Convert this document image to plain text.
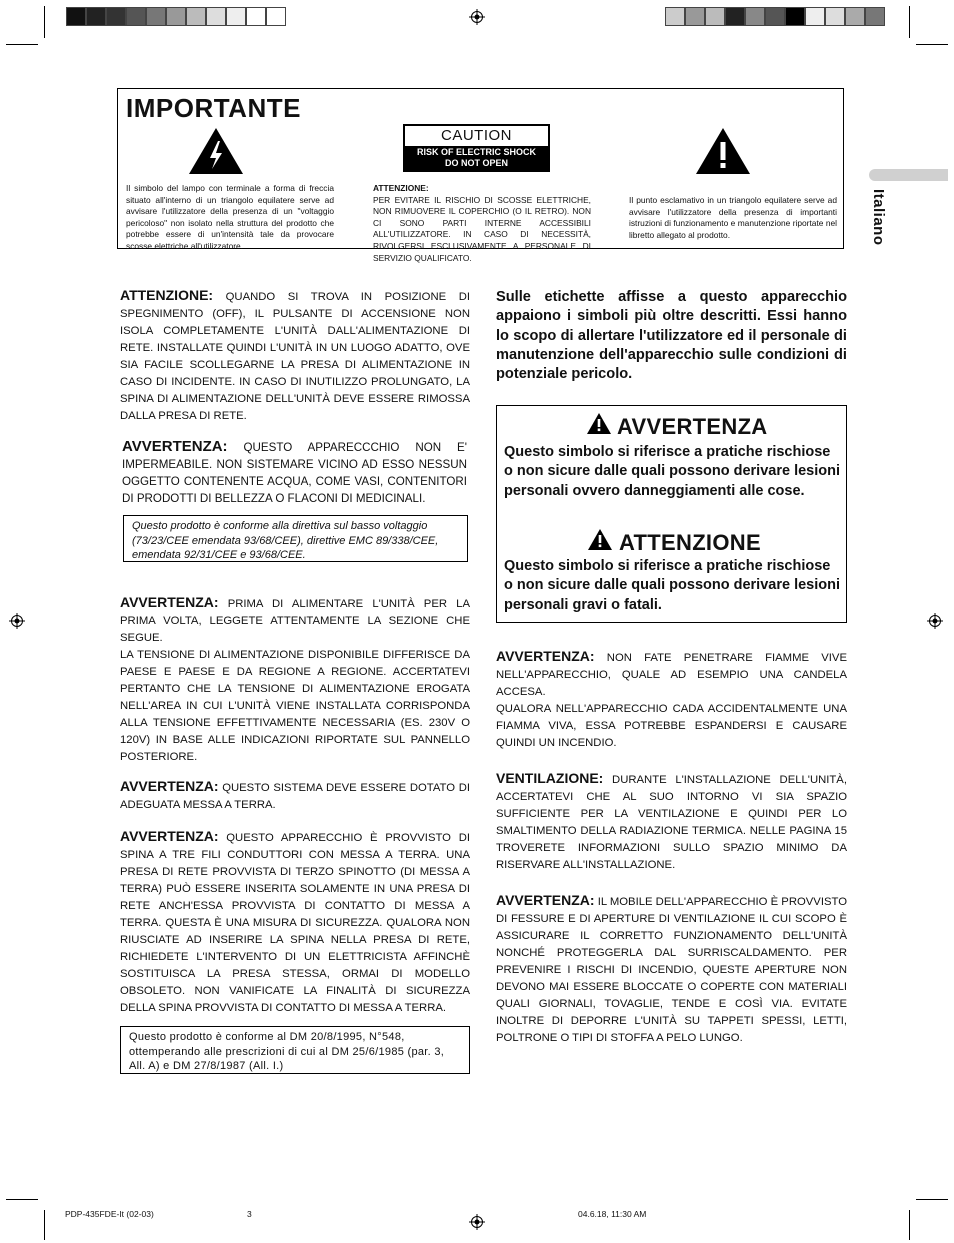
IMPORTANTE
CAUTION
RISK OF ELECTRIC SHOCK
DO NOT OPEN
Il simbolo del lampo con terminale a forma di freccia situato all'interno di un triangolo equilatere serve ad avvisare l'utilizzatore della presenza di un "voltaggio pericoloso" non isolato nella struttura del prodotto che potrebbe essere di un'intensità tale da provocare scosse elettriche all'utilizzatore.
ATTENZIONE:
PER EVITARE IL RISCHIO DI SCOSSE ELETTRICHE, NON RIMUOVERE IL COPERCHIO (O IL RETRO). NON CI SONO PARTI INTERNE ACCESSIBILI ALL'UTILIZZATORE. IN CASO DI NECESSITÀ, RIVOLGERSI ESCLUSIVAMENTE A PERSONALE DI SERVIZIO QUALIFICATO.
Il punto esclamativo in un triangolo equilatere serve ad avvisare l'utilizzatore della presenza di importanti istruzioni di funzionamento e manutenzione riportate nel libretto allegato al prodotto.	Italiano
ATTENZIONE: QUANDO SI TROVA IN POSIZIONE DI SPEGNIMENTO (OFF), IL PULSANTE DI ACCENSIONE NON ISOLA COMPLETAMENTE L'UNITÀ DALL'ALIMENTAZIONE DI RETE. INSTALLATE QUINDI L'UNITÀ IN UN LUOGO ADATTO, OVE SIA FACILE SCOLLEGARNE LA PRESA DI ALIMENTAZIONE IN CASO DI INCIDENTE. IN CASO DI INUTILIZZO PROLUNGATO, LA SPINA DI ALIMENTAZIONE DELL'UNITÀ DEVE ESSERE RIMOSSA DALLA PRESA DI RETE.
AVVERTENZA: QUESTO APPARECCCHIO NON E' IMPERMEABILE. NON SISTEMARE VICINO AD ESSO NESSUN OGGETTO CONTENENTE ACQUA, COME VASI, CONTENITORI DI PRODOTTI DI BELLEZZA O FLACONI DI MEDICINALI.
Questo prodotto è conforme alla direttiva sul basso voltaggio (73/23/CEE emendata 93/68/CEE), direttive EMC 89/338/CEE, emendata 92/31/CEE e 93/68/CEE.
AVVERTENZA: PRIMA DI ALIMENTARE L'UNITÀ PER LA PRIMA VOLTA, LEGGETE ATTENTAMENTE LA SEZIONE CHE SEGUE.
LA TENSIONE DI ALIMENTAZIONE DISPONIBILE DIFFERISCE DA PAESE E PAESE E DA REGIONE A REGIONE. ACCERTATEVI PERTANTO CHE LA TENSIONE DI ALIMENTAZIONE EROGATA NELL'AREA IN CUI L'UNITÀ VIENE INSTALLATA CORRISPONDA ALLA TENSIONE EFFETTIVAMENTE NECESSARIA (ES. 230V O 120V) IN BASE ALLE INDICAZIONI RIPORTATE SUL PANNELLO POSTERIORE.
AVVERTENZA: QUESTO SISTEMA DEVE ESSERE DOTATO DI ADEGUATA MESSA A TERRA.
AVVERTENZA: QUESTO APPARECCHIO È PROVVISTO DI SPINA A TRE FILI CONDUTTORI CON MESSA A TERRA. UNA PRESA DI RETE PROVVISTA DI TERZO SPINOTTO (DI MESSA A TERRA) PUÒ ESSERE INSERITA SOLAMENTE IN UNA PRESA DI RETE ANCH'ESSA PROVVISTA DI CONTATTO DI MESSA A TERRA. QUESTA È UNA MISURA DI SICUREZZA. QUALORA NON RIUSCIATE AD INSERIRE LA SPINA NELLA PRESA DI RETE, RICHIEDETE L'INTERVENTO DI UN ELETTRICISTA AFFINCHÈ SOSTITUISCA LA PRESA STESSA, ORMAI DI MODELLO OBSOLETO. NON VANIFICATE LA FINALITÀ DI SICUREZZA DELLA SPINA PROVVISTA DI CONTATTO DI MESSA A TERRA.
Questo prodotto è conforme al DM 20/8/1995, N°548, ottemperando alle prescrizioni di cui al DM 25/6/1985 (par. 3, All. A) e DM 27/8/1987 (All. I.)
Sulle etichette affisse a questo apparecchio appaiono i simboli più oltre descritti. Essi hanno lo scopo di allertare l'utilizzatore ed il personale di manutenzione dell'apparecchio sulle condizioni di potenziale pericolo.
AVVERTENZA
Questo simbolo si riferisce a pratiche rischiose o non sicure dalle quali possono derivare lesioni personali ovvero danneggiamenti alle cose.
ATTENZIONE
Questo simbolo si riferisce a pratiche rischiose o non sicure dalle quali possono derivare lesioni personali gravi o fatali.
AVVERTENZA: NON FATE PENETRARE FIAMME VIVE NELL'APPARECCHIO, QUALE AD ESEMPIO UNA CANDELA ACCESA.
QUALORA NELL'APPARECCHIO CADA ACCIDENTALMENTE UNA FIAMMA VIVA, ESSA POTREBBE ESPANDERSI E CAUSARE QUINDI UN INCENDIO.
VENTILAZIONE: DURANTE L'INSTALLAZIONE DELL'UNITÀ, ACCERTATEVI CHE AL SUO INTORNO VI SIA SPAZIO SUFFICIENTE PER LA VENTILAZIONE E QUINDI PER LO SMALTIMENTO DELLA RADIAZIONE TERMICA. NELLE PAGINA 15 TROVERETE INFORMAZIONI SULLO SPAZIO MINIMO DA RISERVARE ALL'INSTALLAZIONE.
AVVERTENZA: IL MOBILE DELL'APPARECCHIO È PROVVISTO DI FESSURE E DI APERTURE DI VENTILAZIONE IL CUI SCOPO È ASSICURARE IL CORRETTO FUNZIONAMENTO DELL'UNITÀ NONCHÉ PROTEGGERLA DAL SURRISCALDAMENTO. PER PREVENIRE I RISCHI DI INCENDIO, QUESTE APERTURE NON DEVONO MAI ESSERE BLOCCATE O COPERTE CON MATERIALI QUALI GIORNALI, TOVAGLIE, TENDE E COSÌ VIA. EVITATE INOLTRE DI DEPORRE L'UNITÀ SU TAPPETI SPESSI, LETTI, POLTRONE O TIPI DI STOFFA A PELO LUNGO.
PDP-435FDE-It (02-03)	3	04.6.18, 11:30 AM
